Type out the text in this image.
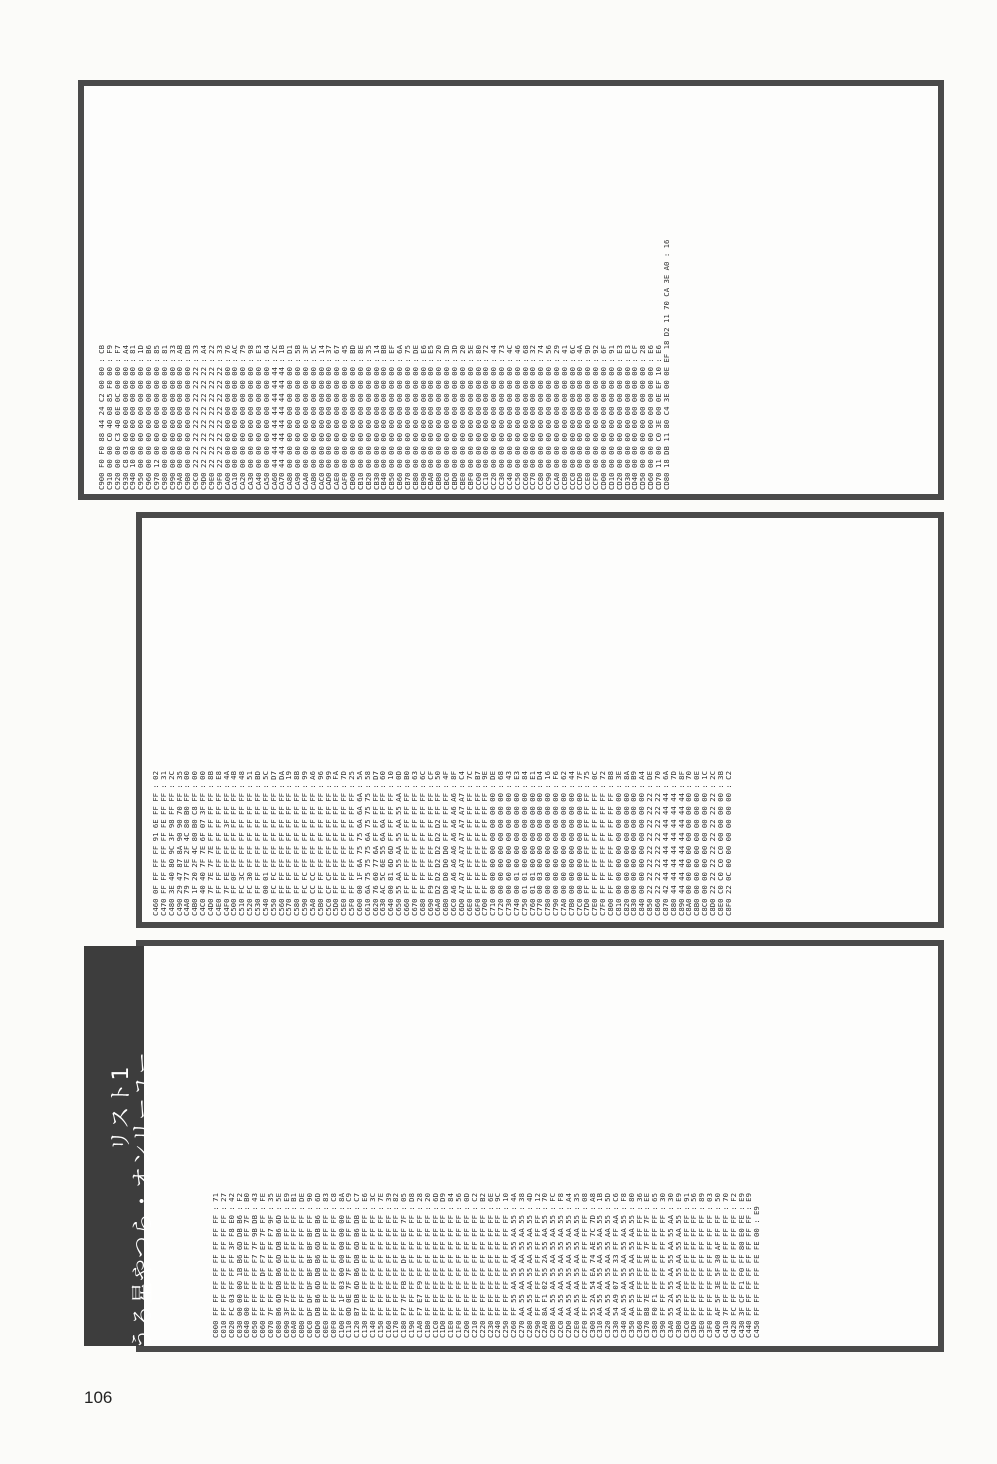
C900 F0 F0 88 44 24 C2 00 00 : CB
C910 00 00 C0 40 08 85 F0 00 : F9
C920 00 00 C3 40 0E 0C 00 00 : F7
C930 C8 03 00 00 00 00 00 00 : A4
C940 10 00 00 00 00 00 00 00 : 81
C950 00 00 00 00 00 00 00 00 : 1D
C960 00 00 00 00 00 00 00 00 : B6
C970 12 00 00 00 00 00 00 00 : 85
C980 00 00 00 00 00 00 00 00 : 81
C990 00 00 00 00 00 00 00 00 : 33
C9A0 00 00 00 00 00 00 00 00 : AB
C9B0 00 00 00 00 00 00 00 00 : DB
C9C0 22 22 22 22 22 22 22 22 : 33
C9D0 22 22 22 22 22 22 22 22 : A4
C9E0 22 22 22 22 22 22 22 22 : 22
C9F0 22 22 22 22 22 22 22 22 : 33
CA00 00 00 00 00 00 00 00 00 : 76
CA10 00 00 00 00 00 00 00 00 : AC
CA20 00 00 00 00 00 00 00 00 : 79
CA30 00 00 00 00 00 00 00 00 : 98
CA40 00 00 00 00 00 00 00 00 : E3
CA50 00 00 00 00 00 00 00 00 : 64
CA60 44 44 44 44 44 44 44 44 : 2C
CA70 44 44 44 44 44 44 44 44 : 1B
CA80 00 00 00 00 00 00 00 00 : D1
CA90 00 00 00 00 00 00 00 00 : 5B
CAA0 00 00 00 00 00 00 00 00 : 3F
CAB0 00 00 00 00 00 00 00 00 : 5C
CAC0 00 00 00 00 00 00 00 00 : 14
CAD0 00 00 00 00 00 00 00 00 : 37
CAE0 00 00 00 00 00 00 00 00 : 67
CAF0 00 00 00 00 00 00 00 00 : 45
CB00 00 00 00 00 00 00 00 00 : BD
CB10 00 00 00 00 00 00 00 00 : 8E
CB20 00 00 00 00 00 00 00 00 : 35
CB30 00 00 00 00 00 00 00 00 : 14
CB40 00 00 00 00 00 00 00 00 : BB
CB50 00 00 00 00 00 00 00 00 : EF
CB60 00 00 00 00 00 00 00 00 : 6A
CB70 00 00 00 00 00 00 00 00 : 75
CB80 00 00 00 00 00 00 00 00 : DE
CB90 00 00 00 00 00 00 00 00 : E6
CBA0 00 00 00 00 00 00 00 00 : E5
CBB0 00 00 00 00 00 00 00 00 : 20
CBC0 00 00 00 00 00 00 00 00 : 3D
CBD0 00 00 00 00 00 00 00 00 : 3D
CBE0 00 00 00 00 00 00 00 00 : 20
CBF0 00 00 00 00 00 00 00 00 : 5E
CC00 00 00 00 00 00 00 00 00 : 80
CC10 00 00 00 00 00 00 00 00 : 72
CC20 00 00 00 00 00 00 00 00 : 44
CC30 00 00 00 00 00 00 00 00 : 73
CC40 00 00 00 00 00 00 00 00 : 4C
CC50 00 00 00 00 00 00 00 00 : 46
CC60 00 00 00 00 00 00 00 00 : 68
CC70 00 00 00 00 00 00 00 00 : 32
CC80 00 00 00 00 00 00 00 00 : 74
CC90 00 00 00 00 00 00 00 00 : 56
CCA0 00 00 00 00 00 00 00 00 : 29
CCB0 00 00 00 00 00 00 00 00 : 41
CCC0 00 00 00 00 00 00 00 00 : 6C
CCD0 00 00 00 00 00 00 00 00 : 4A
CCE0 00 00 00 00 00 00 00 00 : 9D
CCF0 00 00 00 00 00 00 00 00 : 92
CD00 00 00 00 00 00 00 00 00 : 6F
CD10 00 00 00 00 00 00 00 00 : 91
CD20 00 00 00 00 00 00 00 00 : E3
CD30 00 00 00 00 00 00 00 00 : E3
CD40 00 00 00 00 00 00 00 00 : CF
CD50 00 00 00 00 00 00 00 00 : 28
CD60 00 00 00 00 00 00 00 00 : E6
CD70 11 00 C0 3E 00 0E EF 10 : E6
CD80 18 DB 11 80 C4 3E 00 0E EF 18 D2 11 70 CA 3E A0 : 16
C460 0F FF FF FF 91 6E FF FF : 02
C470 FF FF FF FF FF FE FF FF : 31
C480 3E 40 80 9C 3F 98 FF FF : 2C
C490 29 47 87 8A 90 90 70 FF : 35
C4A0 79 77 FE 2F 4C 80 B0 FF : 00
C4B0 1F 20 2F 4C 80 B0 C8 FF : 00
C4C0 40 40 7F 7E 6F 07 3F FF : 00
C4D0 7F 7E 7F 7E FF FF FF FF : 8B
C4E0 FF FF FF FF FF FF FF FF : E8
C4F0 7F FE FF FF FF 3F FF FF : 4A
C500 FF 0F FF FF FF FF FF FF : 4B
C510 FC 3C FF FF FF FF FF FF : 48
C520 FC 30 FF FF FF FF FF FF : 51
C530 FF FF FF FF FF FF FF FF : BD
C540 00 01 FF FF FF FF FF FF : 5C
C550 FC FC FF FF FF FF FF FF : D7
C560 FF FF FF FF FF FF FF FF : DA
C570 FF FF FF FF FF FF FF FF : 19
C580 FF FF FF FF FF FF FF FF : 8B
C590 FC FC FF FF FF FF FF FF : 99
C5A0 CC CC FF FF FF FF FF FF : A6
C5B0 FF FF FF FF FF FF FF FF : 96
C5C0 CF CF FF FF FF FF FF FF : 99
C5D0 FF FF FF FF FF FF FF FF : FA
C5E0 FF FF FF FF FF FF FF FF : 7D
C5F0 FF FF FF FF FF FF FF FF : 25
C600 00 1F 6A 75 75 6A 6A 6A : 5A
C610 6A 75 75 75 6A 75 75 75 : 58
C620 76 60 77 6A FF FF FF FF : D7
C630 AC 5C 6E 55 6A 6A FF FF : 60
C640 00 81 6D 6D FF FF FF FF : 10
C650 55 AA 55 AA 55 AA 55 AA : 0D
C660 FF FF FF FF FF FF FF FF : B0
C670 FF FF FF FF FF FF FF FF : 63
C680 FF FF FF FF FF FF FF FF : 6C
C690 F9 FF FF FF FF FF FF FF : CF
C6A0 D2 D2 D2 D2 D2 D2 FF FF : 50
C6B0 D0 D0 D0 D0 FF FF FF FF : 4F
C6C0 A6 A6 A6 A6 A6 A6 A6 A6 : 8F
C6D0 A7 A7 A7 A7 A7 A7 A7 A7 : C4
C6E0 FF FF FF FF FF FF FF FF : 7C
C6F0 FF FF FF FF FF FF FF FF : B7
C700 FF FF FF FF FF FF FF FF : 9E
C710 00 00 00 00 00 00 00 00 : DE
C720 00 00 00 00 00 00 00 00 : 68
C730 00 60 00 00 00 00 00 00 : 43
C740 00 01 00 00 00 00 00 00 : E3
C750 01 01 00 00 00 00 00 00 : 84
C760 01 01 00 00 00 00 00 00 : E1
C770 00 03 00 00 00 00 00 00 : D4
C780 00 00 00 00 00 00 00 00 : 16
C790 00 00 00 00 00 00 00 00 : F6
C7A0 00 00 00 00 00 00 00 00 : 62
C7B0 00 00 00 00 00 00 00 00 : 44
C7C0 00 00 00 00 00 00 00 00 : 7F
C7D0 FF FF FF FF FF FF FF FF : 75
C7E0 FF FF FF FF FF FF FF FF : 0C
C7F0 FF FF FF FF FF FF FF FF : 72
C800 FF FF FF FF FF FF FF FF : B8
C810 00 00 00 00 00 00 00 00 : 3E
C820 00 00 00 00 00 00 00 00 : 8A
C830 00 00 00 00 00 00 00 00 : B9
C840 00 00 00 00 00 00 00 00 : A4
C850 22 22 22 22 22 22 22 22 : DE
C860 22 22 22 22 22 22 22 22 : 70
C870 42 44 44 44 44 44 44 44 : 6A
C880 44 44 44 44 44 44 44 44 : 7D
C890 44 44 44 44 44 44 44 44 : 8F
C8A0 00 00 00 00 00 00 00 00 : 70
C8B0 00 00 00 00 00 00 00 00 : 0E
C8C0 00 00 00 00 00 00 00 00 : 1C
C8D0 22 22 22 22 22 22 22 22 : 2C
C8E0 C0 C0 C0 C0 00 00 00 00 : 3B
C8F0 22 0C 00 00 00 00 00 00 : C2
C000 FF FF FF FF FF FF FF FF : 71
C010 FF FF FF FF FF FF FF FF : 27
C020 FC 03 FF FF FF 3F F8 E0 : 42
C030 00 00 00 1B B6 6D DB B6 : F2
C040 00 FF FF FF FF FF FF 7F : B0
C050 FF FF FF FF F7 7F 9B DB : 43
C060 FF FF FF DF F7 EF 7F FF : FE
C070 7F FF FF FF FF FF F7 9F : 35
C080 B6 6D DB B6 6D DB B6 6D : 5E
C090 3F 7F FF FF FF FF FF FF : E9
C0A0 FF FF FF FF FF FF FF FF : B1
C0B0 FF FF FF FF FF FF FF FF : DE
C0C0 DF DF DF BF BF BF BF FF : 90
C0D0 DB B6 6D DB B6 6D DB B6 : 6D
C0E0 FF FF FF FF FF FF FF FF : 83
C0F0 FF FF FF FF FF FF FF FF : C8
C100 FF 1F 03 00 00 00 00 00 : 8A
C110 0D 0E 7F 7F FF FF FF FF : C9
C120 B7 DB 6D B6 DB 6D B6 DB : C7
C130 FF FF FF FF FF FF FF FF : E6
C140 FF FF FF FF FF FF FF FF : 3C
C150 FF FF FF FF FF FF FF FF : 7E
C160 FF FF FF FF FF FF FF FF : 39
C170 FF FF FF FF FF FF FF FF : 82
C180 F7 7F FB FF DF FF EF 7F : 05
C190 FF FF FF FF FF FF FF FF : D8
C1A0 F7 E7 F9 FF FF FF FF FF : 28
C1B0 FF FF FF FF FF FF FF FF : 20
C1C0 FF FF FF FF FF FF FF FF : 6D
C1D0 FF FF FF FF FF FF FF FF : D9
C1E0 FF FF FF FF FF FF FF FF : 84
C1F0 FF FF FF FF FF FF FF FF : 56
C200 FF FF FF FF FF FF FF FF : 0D
C210 FF FF FF FF FF FF FF FF : C2
C220 FF FF FF FF FF FF FF FF : B2
C230 FF FF FF FF FF FF FF FF : 6E
C240 FF FF FF FF FF FF FF FF : 9C
C250 FF FF FF FF FF FF FF FF : 10
C260 FF 55 AA 55 AA 55 AA 55 : 4A
C270 AA 55 AA 55 AA 55 AA 55 : 38
C280 AA 55 AA 55 AA 55 AA 55 : 4D
C290 FF FF FF FF FF FF FF FF : 12
C2A0 8A F1 02 55 2A 55 AA 55 : 70
C2B0 AA 55 AA 55 AA 55 AA 55 : FC
C2C0 AA 55 AA 55 AA 55 AA 55 : F8
C2D0 AA 55 AA 55 AA 55 AA 55 : A4
C2E0 AA 55 AA 55 AA 55 AA 55 : 35
C2F0 FF FF FF FF FF FF FF FF : 08
C300 55 2A 54 EA 74 AE 7C 7D : A8
C310 AA 55 AA 55 AA 55 AA 55 : 1B
C320 AA 55 AA 55 AA 55 AA 55 : 5D
C330 54 A9 07 FF 33 FF FF AA : C6
C340 AA 55 AA 55 AA 55 AA 55 : F8
C350 AA 55 AA 55 AA 55 AA 55 : 80
C360 FF FF FF FF FF FF FF FF : 36
C370 B8 7E FF FF 3E 7F FF 7F : EE
C380 F0 F1 FF FF FF FF FF FF : 65
C390 FF FF FF FF FF FF FF FF : 30
C3A0 55 2A 55 AA 55 AA 55 AA : 30
C3B0 AA 55 AA 55 AA 55 AA 55 : E9
C3C0 FF FF FF FF FF FF FF FF : 91
C3D0 FF FF FF FF FF FF FF FF : 56
C3E0 FF FF FF FF FF FF FF FF : 89
C3F0 FF FF FF FF FF FF FF FF : 03
C400 AF 5F 3E 5F 30 AF FF FF : 50
C410 7F FF FF FF FF FF FF FF : 70
C420 FC FF FF FF FF FF FF FF : F2
C430 3F CF F1 F0 FF 80 E0 FE : E9
C440 FF FF FF FF FF FF FF FF : E9
C450 FF FF FF FF FE FE 00 : E9
リスト1
うる星やつら・オンリーユー
106
